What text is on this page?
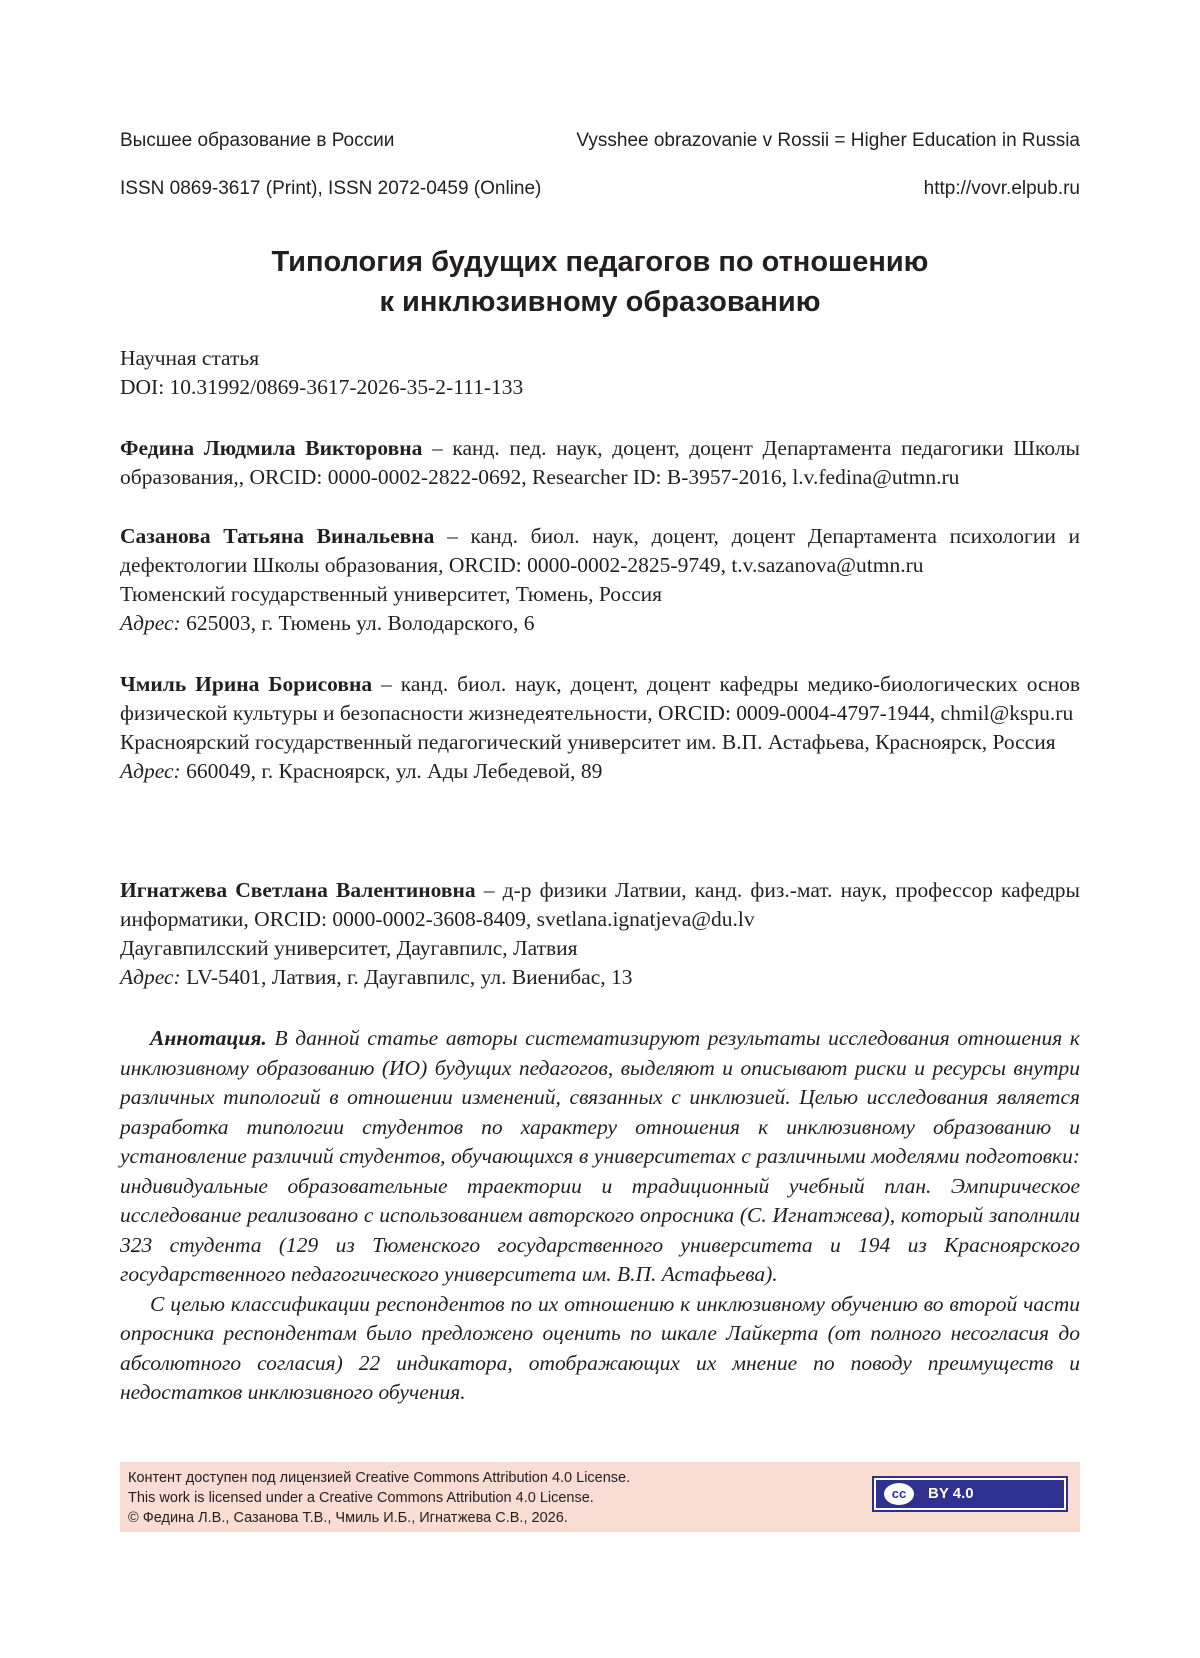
Высшее образование в России	Vysshee obrazovanie v Rossii = Higher Education in Russia
ISSN 0869-3617 (Print), ISSN 2072-0459 (Online)	http://vovr.elpub.ru
Типология будущих педагогов по отношению
к инклюзивному образованию

Научная статья

DOI: 10.31992/0869-3617-2026-35-2-111-133

Федина Людмила Викторовна – канд. пед. наук, доцент, доцент Департамента педагогики Школы образования,, ORCID: 0000-0002-2822-0692, Researcher ID: B-3957-2016, l.v.fedina@utmn.ru

Сазанова Татьяна Винальевна – канд. биол. наук, доцент, доцент Департамента психологии и дефектологии Школы образования, ORCID: 0000-0002-2825-9749, t.v.sazanova@utmn.ru

Тюменский государственный университет, Тюмень, Россия

Адрес: 625003, г. Тюмень ул. Володарского, 6

Чмиль Ирина Борисовна – канд. биол. наук, доцент, доцент кафедры медико-биологических основ физической культуры и безопасности жизнедеятельности, ORCID: 0009-0004-4797-1944, chmil@kspu.ru

Красноярский государственный педагогический университет им. В.П. Астафьева, Красноярск, Россия

Адрес: 660049, г. Красноярск, ул. Ады Лебедевой, 89

Игнатжева Светлана Валентиновна – д-р физики Латвии, канд. физ.-мат. наук, профессор кафедры информатики, ORCID: 0000-0002-3608-8409, svetlana.ignatjeva@du.lv

Даугавпилсский университет, Даугавпилс, Латвия

Адрес: LV-5401, Латвия, г. Даугавпилс, ул. Виенибас, 13

Аннотация. В данной статье авторы систематизируют результаты исследования отношения к инклюзивному образованию (ИО) будущих педагогов, выделяют и описывают риски и ресурсы внутри различных типологий в отношении изменений, связанных с инклюзией. Целью исследования является разработка типологии студентов по характеру отношения к инклюзивному образованию и установление различий студентов, обучающихся в университетах с различными моделями подготовки: индивидуальные образовательные траектории и традиционный учебный план. Эмпирическое исследование реализовано с использованием авторского опросника (С. Игнатжева), который заполнили 323 студента (129 из Тюменского государственного университета и 194 из Красноярского государственного педагогического университета им. В.П. Астафьева).

С целью классификации респондентов по их отношению к инклюзивному обучению во второй части опросника респондентам было предложено оценить по шкале Лайкерта (от полного несогласия до абсолютного согласия) 22 индикатора, отображающих их мнение по поводу преимуществ и недостатков инклюзивного обучения.

Контент доступен под лицензией Creative Commons Attribution 4.0 License.
This work is licensed under a Creative Commons Attribution 4.0 License.
© Федина Л.В., Сазанова Т.В., Чмиль И.Б., Игнатжева С.В., 2026.
cc	BY 4.0
